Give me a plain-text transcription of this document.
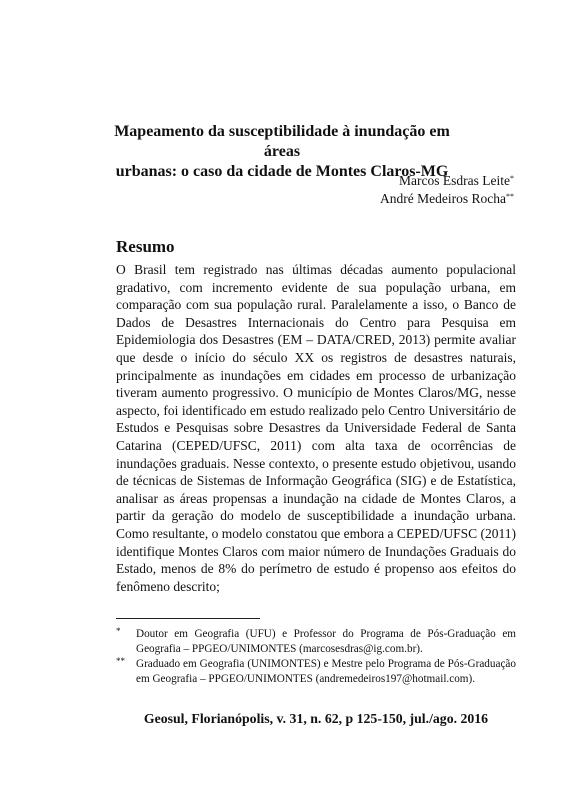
Mapeamento da susceptibilidade à inundação em áreas
urbanas: o caso da cidade de Montes Claros-MG
Marcos Esdras Leite*
André Medeiros Rocha**
Resumo

O Brasil tem registrado nas últimas décadas aumento populacional gradativo, com incremento evidente de sua população urbana, em comparação com sua população rural. Paralelamente a isso, o Banco de Dados de Desastres Internacionais do Centro para Pesquisa em Epidemiologia dos Desastres (EM – DATA/CRED, 2013) permite avaliar que desde o início do século XX os registros de desastres naturais, principalmente as inundações em cidades em processo de urbanização tiveram aumento progressivo. O município de Montes Claros/MG, nesse aspecto, foi identificado em estudo realizado pelo Centro Universitário de Estudos e Pesquisas sobre Desastres da Universidade Federal de Santa Catarina (CEPED/UFSC, 2011) com alta taxa de ocorrências de inundações graduais. Nesse contexto, o presente estudo objetivou, usando de técnicas de Sistemas de Informação Geográfica (SIG) e de Estatística, analisar as áreas propensas a inundação na cidade de Montes Claros, a partir da geração do modelo de susceptibilidade a inundação urbana. Como resultante, o modelo constatou que embora a CEPED/UFSC (2011) identifique Montes Claros com maior número de Inundações Graduais do Estado, menos de 8% do perímetro de estudo é propenso aos efeitos do fenômeno descrito;

* Doutor em Geografia (UFU) e Professor do Programa de Pós-Graduação em Geografia – PPGEO/UNIMONTES (marcosesdras@ig.com.br).
** Graduado em Geografia (UNIMONTES) e Mestre pelo Programa de Pós-Graduação em Geografia – PPGEO/UNIMONTES (andremedeiros197@hotmail.com).
Geosul, Florianópolis, v. 31, n. 62, p 125-150, jul./ago. 2016
